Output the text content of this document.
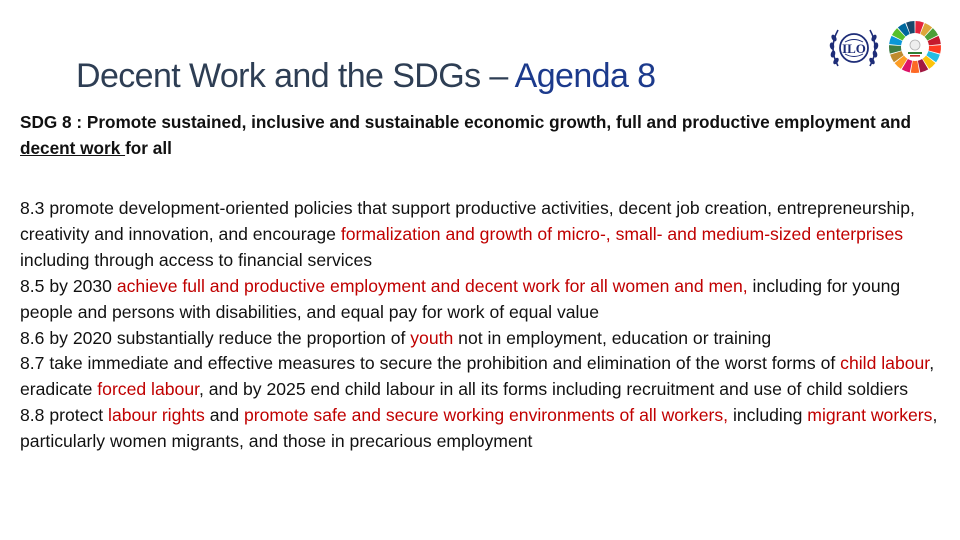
Decent Work and the SDGs – Agenda 8
ILO
SDG 8 : Promote sustained, inclusive and sustainable economic growth, full and productive employment and decent work for all

8.3 promote development-oriented policies that support productive activities, decent job creation, entrepreneurship, creativity and innovation, and encourage formalization and growth of micro-, small- and medium-sized enterprises including through access to financial services

8.5 by 2030 achieve full and productive employment and decent work for all women and men, including for young people and persons with disabilities, and equal pay for work of equal value

8.6 by 2020 substantially reduce the proportion of youth not in employment, education or training

8.7 take immediate and effective measures to secure the prohibition and elimination of the worst forms of child labour, eradicate forced labour, and by 2025 end child labour in all its forms including recruitment and use of child soldiers

8.8 protect labour rights and promote safe and secure working environments of all workers, including migrant workers, particularly women migrants, and those in precarious employment
